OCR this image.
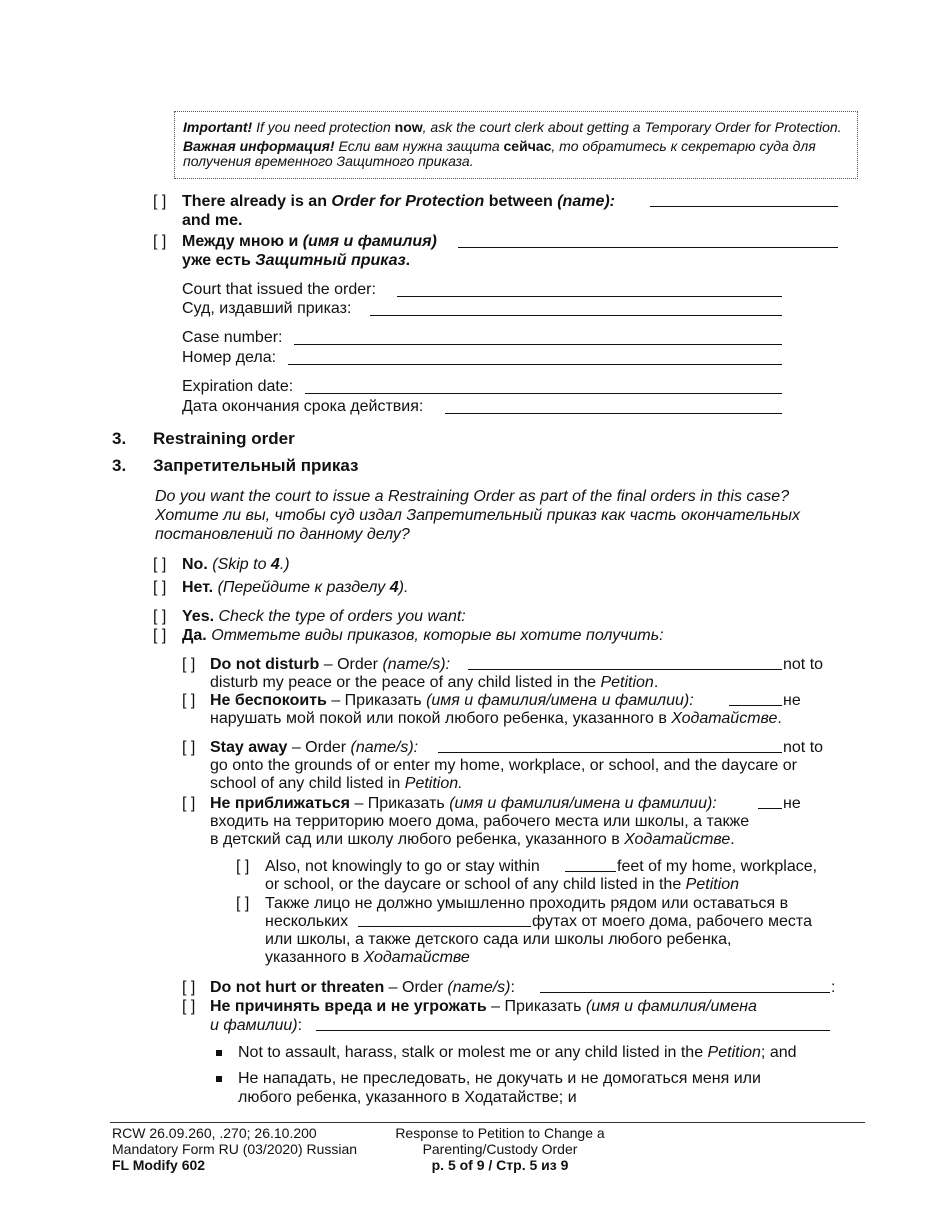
Important! If you need protection now, ask the court clerk about getting a Temporary Order for Protection.
Важная информация! Если вам нужна защита сейчас, то обратитесь к секретарю суда для
получения временного Защитного приказа.
[ ] There already is an Order for Protection between (name):
and me.
[ ] Между мною и (имя и фамилия)
уже есть Защитный приказ.
Court that issued the order:
Суд, издавший приказ:
Case number:
Номер дела:
Expiration date:
Дата окончания срока действия:
3. Restraining order
3. Запретительный приказ
Do you want the court to issue a Restraining Order as part of the final orders in this case?
Хотите ли вы, чтобы суд издал Запретительный приказ как часть окончательных
постановлений по данному делу?
[ ] No. (Skip to 4.)
[ ] Нет. (Перейдите к разделу 4).
[ ] Yes. Check the type of orders you want:
[ ] Да. Отметьте виды приказов, которые вы хотите получить:
[ ] Do not disturb – Order (name/s):	not to
disturb my peace or the peace of any child listed in the Petition.
[ ] Не беспокоить – Приказать (имя и фамилия/имена и фамилии):	не
нарушать мой покой или покой любого ребенка, указанного в Ходатайстве.
[ ] Stay away – Order (name/s):	not to
go onto the grounds of or enter my home, workplace, or school, and the daycare or
school of any child listed in Petition.
[ ] Не приближаться – Приказать (имя и фамилия/имена и фамилии):	не
входить на территорию моего дома, рабочего места или школы, а также
в детский сад или школу любого ребенка, указанного в Ходатайстве.
[ ] Also, not knowingly to go or stay within	feet of my home, workplace,
or school, or the daycare or school of any child listed in the Petition
[ ] Также лицо не должно умышленно проходить рядом или оставаться в
нескольких	футах от моего дома, рабочего места
или школы, а также детского сада или школы любого ребенка,
указанного в Ходатайстве
[ ] Do not hurt or threaten – Order (name/s):	:
[ ] Не причинять вреда и не угрожать – Приказать (имя и фамилия/имена
и фамилии):
Not to assault, harass, stalk or molest me or any child listed in the Petition; and
Не нападать, не преследовать, не докучать и не домогаться меня или
любого ребенка, указанного в Ходатайстве; и
RCW 26.09.260, .270; 26.10.200
Mandatory Form RU (03/2020) Russian
FL Modify 602
Response to Petition to Change a
Parenting/Custody Order
p. 5 of 9 / Стр. 5 из 9
